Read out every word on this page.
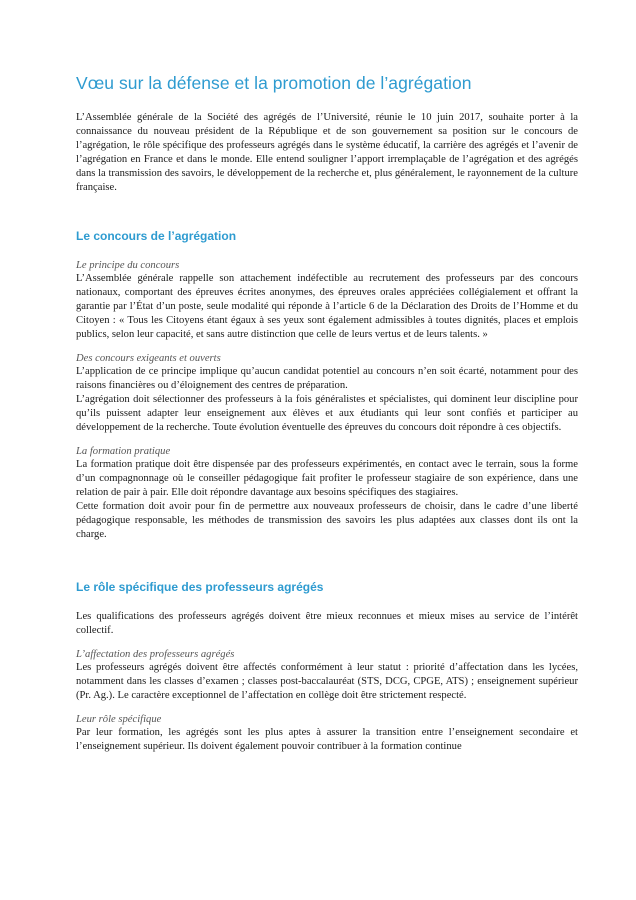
Vœu sur la défense et la promotion de l’agrégation

L’Assemblée générale de la Société des agrégés de l’Université, réunie le 10 juin 2017, souhaite porter à la connaissance du nouveau président de la République et de son gouvernement sa position sur le concours de l’agrégation, le rôle spécifique des professeurs agrégés dans le système éducatif, la carrière des agrégés et l’avenir de l’agrégation en France et dans le monde. Elle entend souligner l’apport irremplaçable de l’agrégation et des agrégés dans la transmission des savoirs, le développement de la recherche et, plus généralement, le rayonnement de la culture française.

Le concours de l’agrégation

Le principe du concours

L’Assemblée générale rappelle son attachement indéfectible au recrutement des professeurs par des concours nationaux, comportant des épreuves écrites anonymes, des épreuves orales appréciées collégialement et offrant la garantie par l’État d’un poste, seule modalité qui réponde à l’article 6 de la Déclaration des Droits de l’Homme et du Citoyen : « Tous les Citoyens étant égaux à ses yeux sont également admissibles à toutes dignités, places et emplois publics, selon leur capacité, et sans autre distinction que celle de leurs vertus et de leurs talents. »

Des concours exigeants et ouverts

L’application de ce principe implique qu’aucun candidat potentiel au concours n’en soit écarté, notamment pour des raisons financières ou d’éloignement des centres de préparation.

L’agrégation doit sélectionner des professeurs à la fois généralistes et spécialistes, qui dominent leur discipline pour qu’ils puissent adapter leur enseignement aux élèves et aux étudiants qui leur sont confiés et participer au développement de la recherche. Toute évolution éventuelle des épreuves du concours doit répondre à ces objectifs.

La formation pratique

La formation pratique doit être dispensée par des professeurs expérimentés, en contact avec le terrain, sous la forme d’un compagnonnage où le conseiller pédagogique fait profiter le professeur stagiaire de son expérience, dans une relation de pair à pair. Elle doit répondre davantage aux besoins spécifiques des stagiaires.

Cette formation doit avoir pour fin de permettre aux nouveaux professeurs de choisir, dans le cadre d’une liberté pédagogique responsable, les méthodes de transmission des savoirs les plus adaptées aux classes dont ils ont la charge.

Le rôle spécifique des professeurs agrégés

Les qualifications des professeurs agrégés doivent être mieux reconnues et mieux mises au service de l’intérêt collectif.

L’affectation des professeurs agrégés

Les professeurs agrégés doivent être affectés conformément à leur statut : priorité d’affectation dans les lycées, notamment dans les classes d’examen ; classes post-baccalauréat (STS, DCG, CPGE, ATS) ; enseignement supérieur (Pr. Ag.). Le caractère exceptionnel de l’affectation en collège doit être strictement respecté.

Leur rôle spécifique

Par leur formation, les agrégés sont les plus aptes à assurer la transition entre l’enseignement secondaire et l’enseignement supérieur. Ils doivent également pouvoir contribuer à la formation continue
